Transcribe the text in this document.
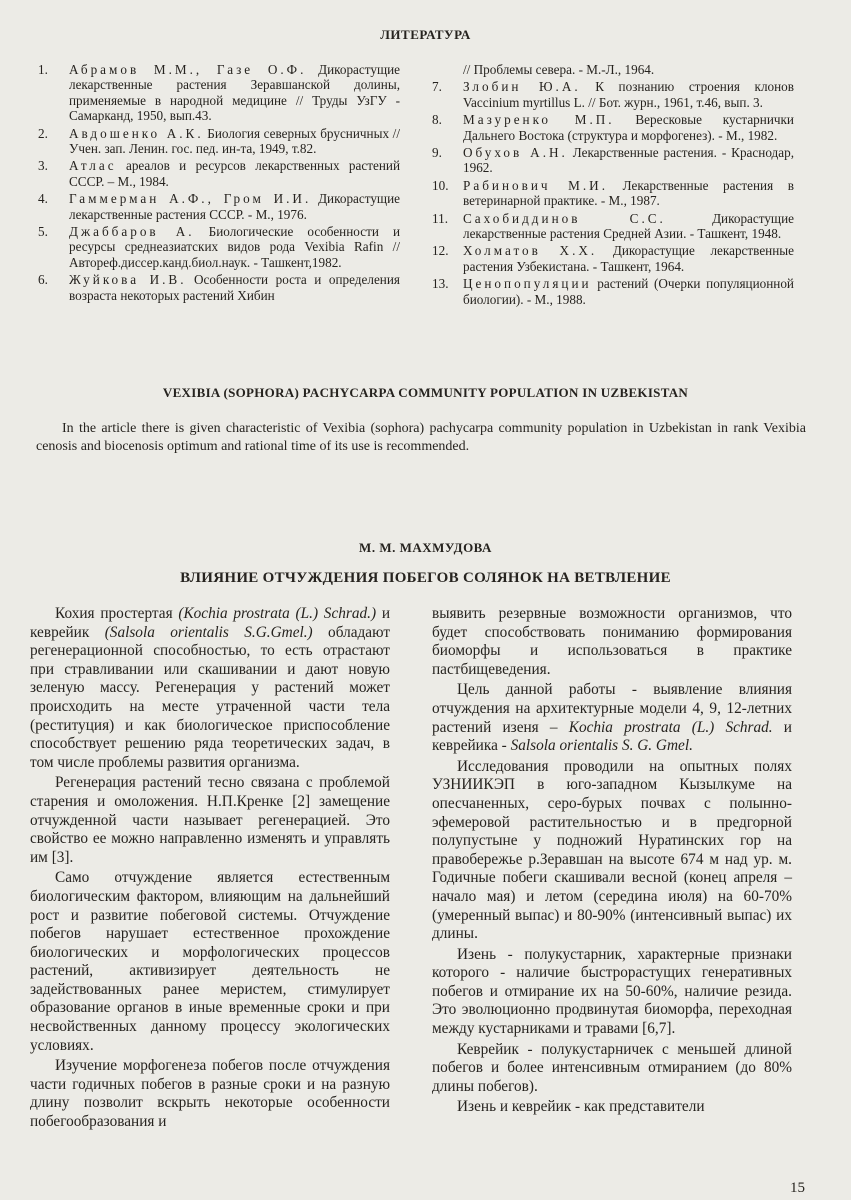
ЛИТЕРАТУРА
1.	Абрамов М.М., Газе О.Ф. Дикорастущие лекарственные растения Зеравшанской долины, применяемые в народной медицине // Труды УзГУ - Самарканд, 1950, вып.43.
2.	Авдошенко А.К. Биология северных брусничных // Учен. зап. Ленин. гос. пед. ин-та, 1949, т.82.
3.	Атлас ареалов и ресурсов лекарственных растений СССР. – М., 1984.
4.	Гаммерман А.Ф., Гром И.И. Дикорастущие лекарственные растения СССР. - М., 1976.
5.	Джаббаров А. Биологические особенности и ресурсы среднеазиатских видов рода Vexibia Rafin // Автореф.диссер.канд.биол.наук. - Ташкент,1982.
6.	Жуйкова И.В. Особенности роста и определения возраста некоторых растений Хибин
// Проблемы севера. - М.-Л., 1964.
7.	Злобин Ю.А. К познанию строения клонов Vaccinium myrtillus L. // Бот. журн., 1961, т.46, вып. 3.
8.	Мазуренко М.П. Вересковые кустарнички Дальнего Востока (структура и морфогенез). - М., 1982.
9.	Обухов А.Н. Лекарственные растения. - Краснодар, 1962.
10.	Рабинович М.И. Лекарственные растения в ветеринарной практике. - М., 1987.
11.	Сахобиддинов С.С.	Дикорастущие лекарственные растения Средней Азии. - Ташкент, 1948.
12.	Холматов Х.Х. Дикорастущие лекарственные растения Узбекистана. - Ташкент, 1964.
13.	Ценопопуляции растений (Очерки популяционной биологии). - М., 1988.
VEXIBIA (SOPHORA) PACHYCARPA COMMUNITY POPULATION IN UZBEKISTAN
In the article there is given characteristic of Vexibia (sophora) pachycarpa community population in Uzbekistan in rank Vexibia cenosis and biocenosis optimum and rational time of its use is recommended.
М. М. МАХМУДОВА
ВЛИЯНИЕ ОТЧУЖДЕНИЯ ПОБЕГОВ СОЛЯНОК НА ВЕТВЛЕНИЕ

Кохия простертая (Kochia prostrata (L.) Schrad.) и кеврейик (Salsola orientalis S.G.Gmel.) обладают регенерационной способностью, то есть отрастают при стравливании или скашивании и дают новую зеленую массу. Регенерация у растений может происходить на месте утраченной части тела (реституция) и как биологическое приспособление способствует решению ряда теоретических задач, в том числе проблемы развития организма.

Регенерация растений тесно связана с проблемой старения и омоложения. Н.П.Кренке [2] замещение отчужденной части называет регенерацией. Это свойство ее можно направленно изменять и управлять им [3].

Само отчуждение является естественным биологическим фактором, влияющим на дальнейший рост и развитие побеговой системы. Отчуждение побегов нарушает естественное прохождение биологических и морфологических процессов растений, активизирует деятельность не задействованных ранее меристем, стимулирует образование органов в иные временные сроки и при несвойственных данному процессу экологических условиях.

Изучение морфогенеза побегов после отчуждения части годичных побегов в разные сроки и на разную длину позволит вскрыть некоторые особенности побегообразования и

выявить резервные возможности организмов, что будет способствовать пониманию формирования биоморфы и использоваться в практике пастбищеведения.

Цель данной работы - выявление влияния отчуждения на архитектурные модели 4, 9, 12-летних растений изеня – Kochia prostrata (L.) Schrad. и кеврейика - Salsola orientalis S. G. Gmel.

Исследования проводили на опытных полях УЗНИИКЭП в юго-западном Кызылкуме на опесчаненных, серо-бурых почвах с полынно-эфемеровой растительностью и в предгорной полупустыне у подножий Нуратинских гор на правобережье р.Зеравшан на высоте 674 м над ур. м. Годичные побеги скашивали весной (конец апреля – начало мая) и летом (середина июля) на 60-70% (умеренный выпас) и 80-90% (интенсивный выпас) их длины.

Изень - полукустарник, характерные признаки которого - наличие быстрорастущих генеративных побегов и отмирание их на 50-60%, наличие резида. Это эволюционно продвинутая биоморфа, переходная между кустарниками и травами [6,7].

Кеврейик - полукустарничек с меньшей длиной побегов и более интенсивным отмиранием (до 80% длины побегов).

Изень и кеврейик - как представители

15
